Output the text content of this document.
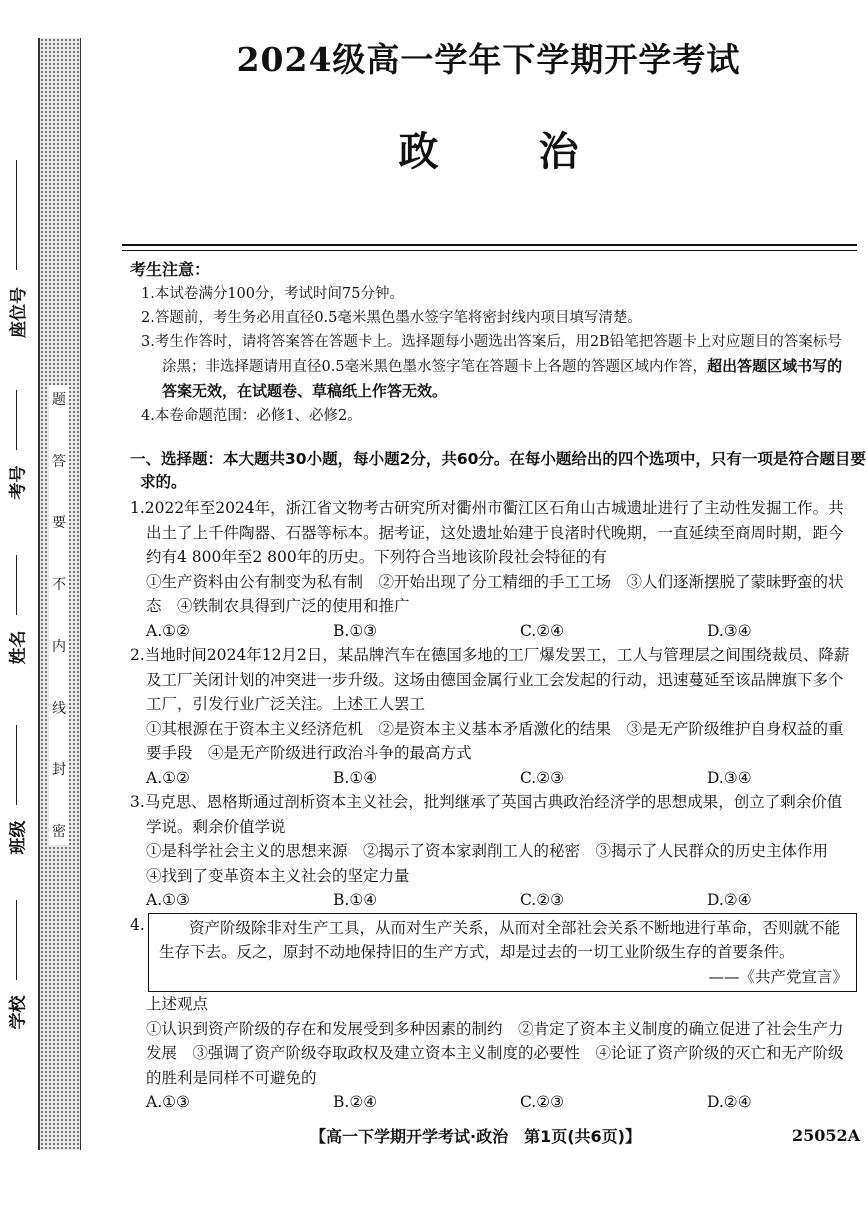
题
答
要
不
内
线
封
密
座位号
考号
姓名
班级
学校
2024级高一学年下学期开学考试
政治
考生注意：
1.本试卷满分100分，考试时间75分钟。
2.答题前，考生务必用直径0.5毫米黑色墨水签字笔将密封线内项目填写清楚。
3.考生作答时，请将答案答在答题卡上。选择题每小题选出答案后，用2B铅笔把答题卡上对应题目的答案标号涂黑；非选择题请用直径0.5毫米黑色墨水签字笔在答题卡上各题的答题区域内作答，超出答题区域书写的答案无效，在试题卷、草稿纸上作答无效。
4.本卷命题范围：必修1、必修2。
一、选择题：本大题共30小题，每小题2分，共60分。在每小题给出的四个选项中，只有一项是符合题目要求的。
1.2022年至2024年，浙江省文物考古研究所对衢州市衢江区石角山古城遗址进行了主动性发掘工作。共出土了上千件陶器、石器等标本。据考证，这处遗址始建于良渚时代晚期，一直延续至商周时期，距今约有4 800年至2 800年的历史。下列符合当地该阶段社会特征的有
①生产资料由公有制变为私有制　②开始出现了分工精细的手工工场　③人们逐渐摆脱了蒙昧野蛮的状态　④铁制农具得到广泛的使用和推广
A.①②	B.①③	C.②④	D.③④
2.当地时间2024年12月2日，某品牌汽车在德国多地的工厂爆发罢工，工人与管理层之间围绕裁员、降薪及工厂关闭计划的冲突进一步升级。这场由德国金属行业工会发起的行动，迅速蔓延至该品牌旗下多个工厂，引发行业广泛关注。上述工人罢工
①其根源在于资本主义经济危机　②是资本主义基本矛盾激化的结果　③是无产阶级维护自身权益的重要手段　④是无产阶级进行政治斗争的最高方式
A.①②	B.①④	C.②③	D.③④
3.马克思、恩格斯通过剖析资本主义社会，批判继承了英国古典政治经济学的思想成果，创立了剩余价值学说。剩余价值学说
①是科学社会主义的思想来源　②揭示了资本家剥削工人的秘密　③揭示了人民群众的历史主体作用　④找到了变革资本主义社会的坚定力量
A.①③	B.①④	C.②③	D.②④
4.	资产阶级除非对生产工具，从而对生产关系，从而对全部社会关系不断地进行革命，否则就不能生存下去。反之，原封不动地保持旧的生产方式，却是过去的一切工业阶级生存的首要条件。
——《共产党宣言》
上述观点
①认识到资产阶级的存在和发展受到多种因素的制约　②肯定了资本主义制度的确立促进了社会生产力发展　③强调了资产阶级夺取政权及建立资本主义制度的必要性　④论证了资产阶级的灭亡和无产阶级的胜利是同样不可避免的
A.①③	B.②④	C.②③	D.②④
【高一下学期开学考试·政治　第1页(共6页)】	25052A
